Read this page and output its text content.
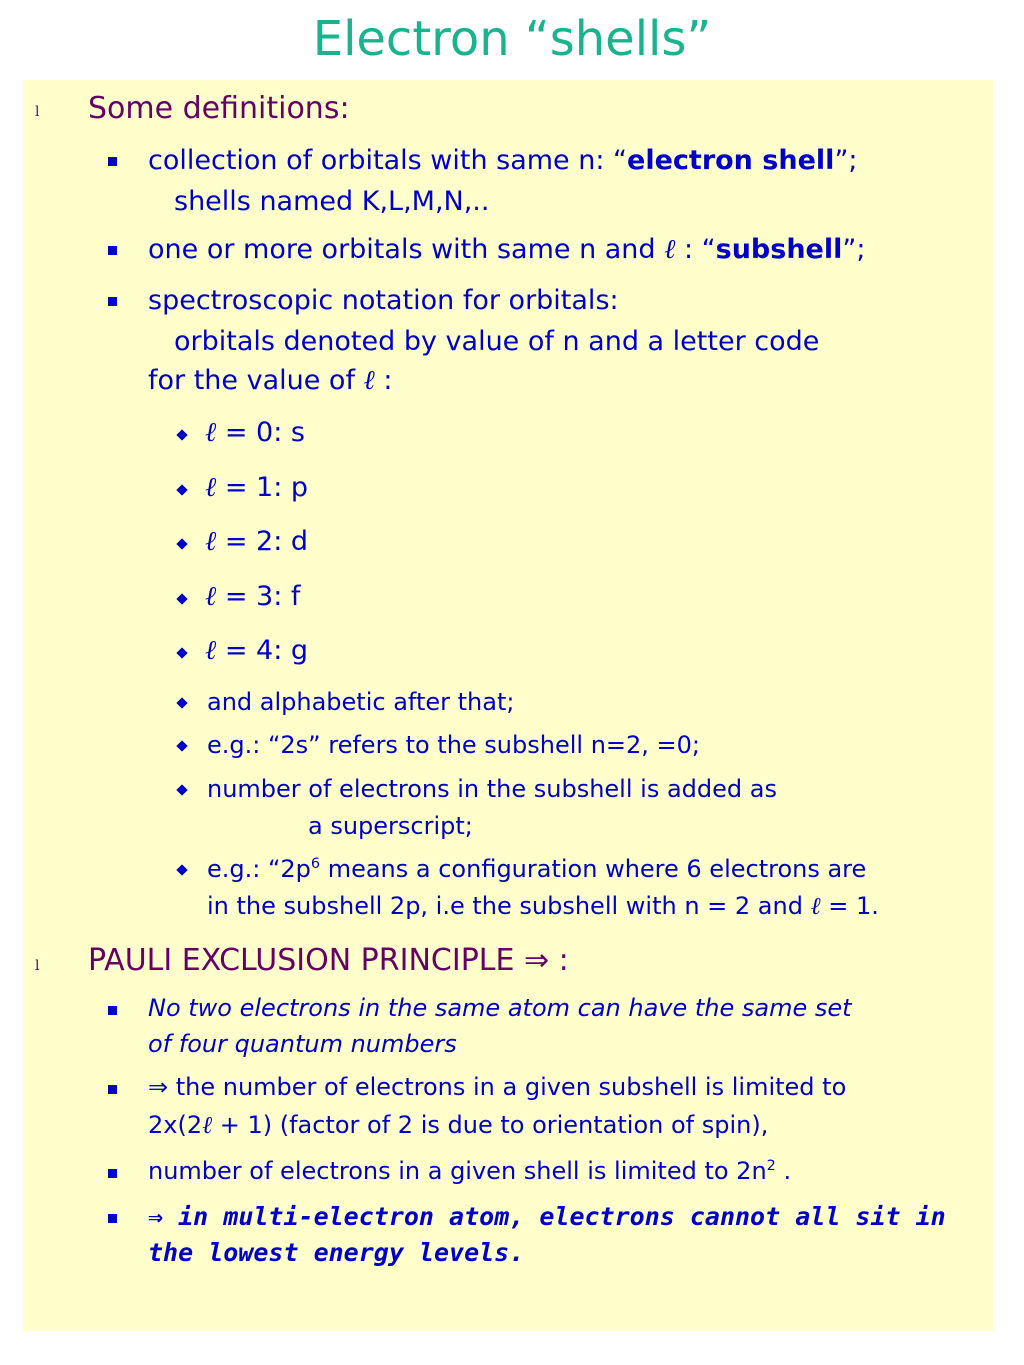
Electron “shells”
l Some definitions:
collection of orbitals with same n: “electron shell”;
shells named K,L,M,N,..
one or more orbitals with same n and ℓ : “subshell”;
spectroscopic notation for orbitals:
orbitals denoted by value of n and a letter code
for the value of ℓ :
ℓ = 0: s
ℓ = 1: p
ℓ = 2: d
ℓ = 3: f
ℓ = 4: g
and alphabetic after that;
e.g.: “2s” refers to the subshell n=2, =0;
number of electrons in the subshell is added as
a superscript;
e.g.: “$2p^6$ means a configuration where 6 electrons are
in the subshell 2p, i.e the subshell with n = 2 and ℓ = 1.
l PAULI EXCLUSION PRINCIPLE ⇒ :
No two electrons in the same atom can have the same set
of four quantum numbers
⇒ the number of electrons in a given subshell is limited to
2x(2ℓ + 1) (factor of 2 is due to orientation of spin),
number of electrons in a given shell is limited to $2n^2$ .
⇒ in multi-electron atom, electrons cannot all sit in
the lowest energy levels.
